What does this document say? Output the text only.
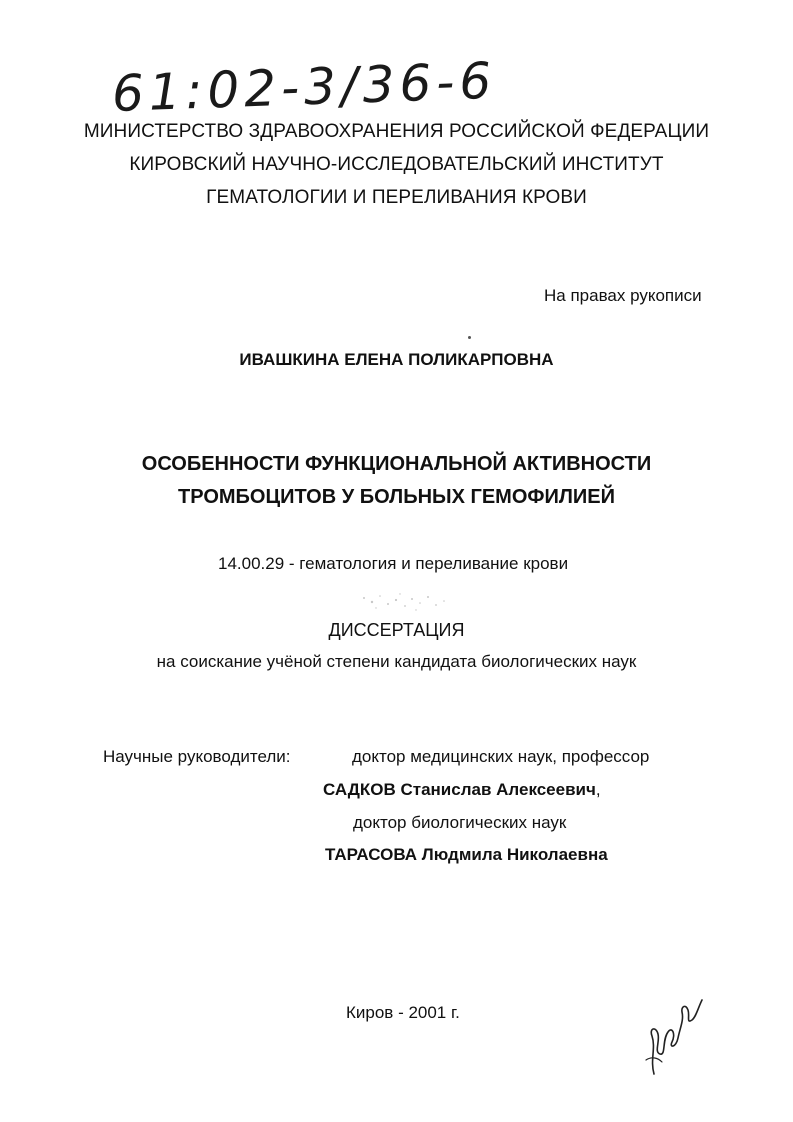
61:02-3/36-6
МИНИСТЕРСТВО ЗДРАВООХРАНЕНИЯ РОССИЙСКОЙ ФЕДЕРАЦИИ
КИРОВСКИЙ НАУЧНО-ИССЛЕДОВАТЕЛЬСКИЙ ИНСТИТУТ
ГЕМАТОЛОГИИ И ПЕРЕЛИВАНИЯ КРОВИ
На правах рукописи
ИВАШКИНА ЕЛЕНА ПОЛИКАРПОВНА
ОСОБЕННОСТИ ФУНКЦИОНАЛЬНОЙ АКТИВНОСТИ
ТРОМБОЦИТОВ У БОЛЬНЫХ ГЕМОФИЛИЕЙ
14.00.29 - гематология и переливание крови
ДИССЕРТАЦИЯ
на соискание учёной степени кандидата биологических наук
Научные руководители:	доктор медицинских наук, профессор
САДКОВ Станислав Алексеевич,
доктор биологических наук
ТАРАСОВА Людмила Николаевна
Киров - 2001 г.
